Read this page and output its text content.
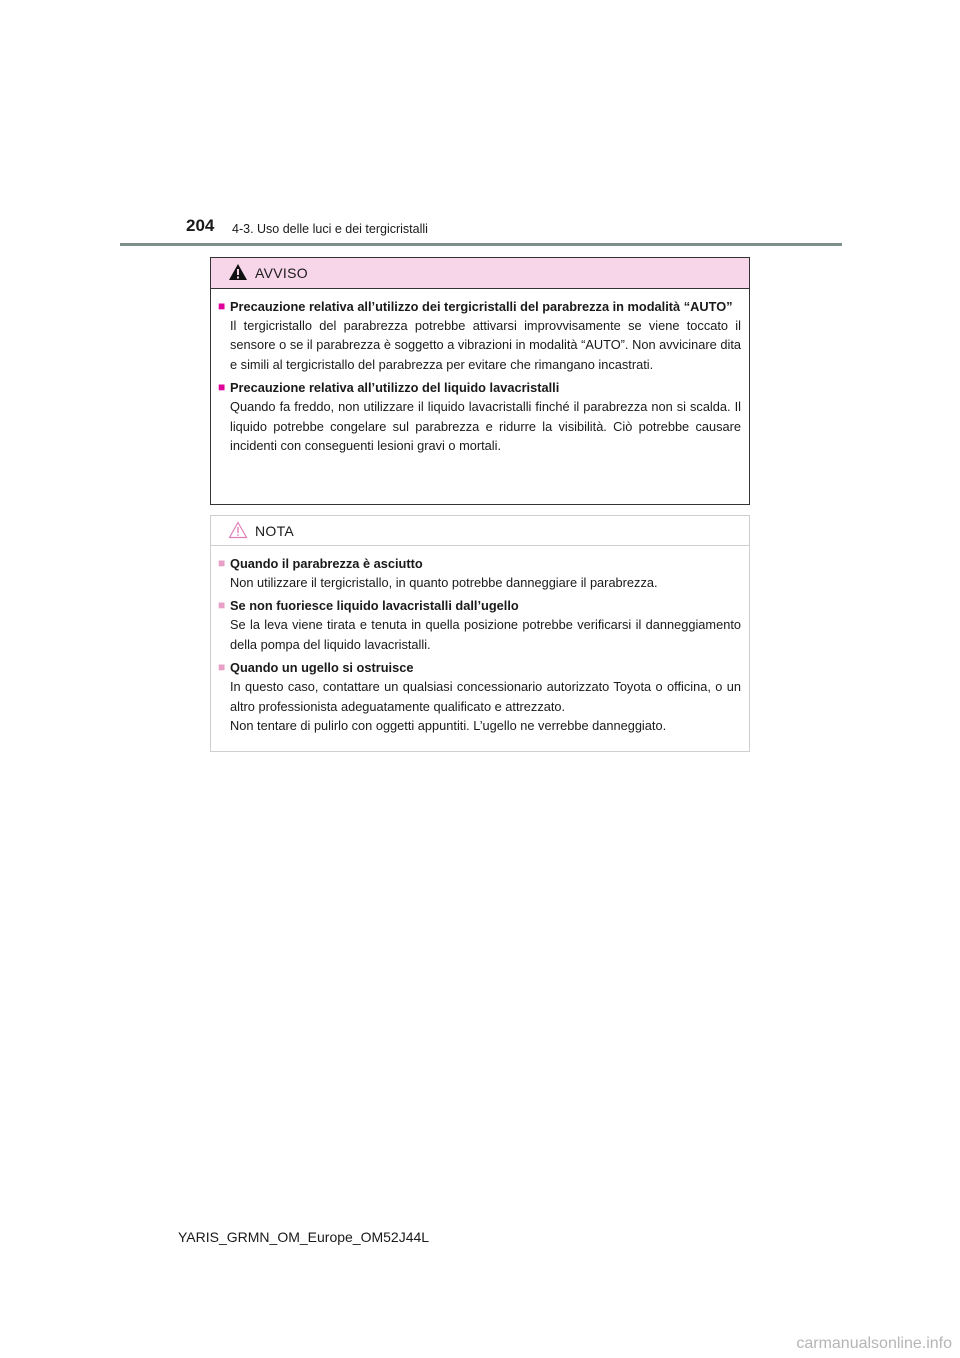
204 4-3. Uso delle luci e dei tergicristalli
AVVISO
■ Precauzione relativa all’utilizzo dei tergicristalli del parabrezza in modalità “AUTO”
Il tergicristallo del parabrezza potrebbe attivarsi improvvisamente se viene toccato il sensore o se il parabrezza è soggetto a vibrazioni in modalità “AUTO”. Non avvicinare dita e simili al tergicristallo del parabrezza per evitare che rimangano incastrati.
■ Precauzione relativa all’utilizzo del liquido lavacristalli
Quando fa freddo, non utilizzare il liquido lavacristalli finché il parabrezza non si scalda. Il liquido potrebbe congelare sul parabrezza e ridurre la visibilità. Ciò potrebbe causare incidenti con conseguenti lesioni gravi o mortali.
NOTA
■ Quando il parabrezza è asciutto
Non utilizzare il tergicristallo, in quanto potrebbe danneggiare il parabrezza.
■ Se non fuoriesce liquido lavacristalli dall’ugello
Se la leva viene tirata e tenuta in quella posizione potrebbe verificarsi il danneggiamento della pompa del liquido lavacristalli.
■ Quando un ugello si ostruisce
In questo caso, contattare un qualsiasi concessionario autorizzato Toyota o officina, o un altro professionista adeguatamente qualificato e attrezzato.
Non tentare di pulirlo con oggetti appuntiti. L’ugello ne verrebbe danneggiato.
YARIS_GRMN_OM_Europe_OM52J44L
carmanualsonline.info
